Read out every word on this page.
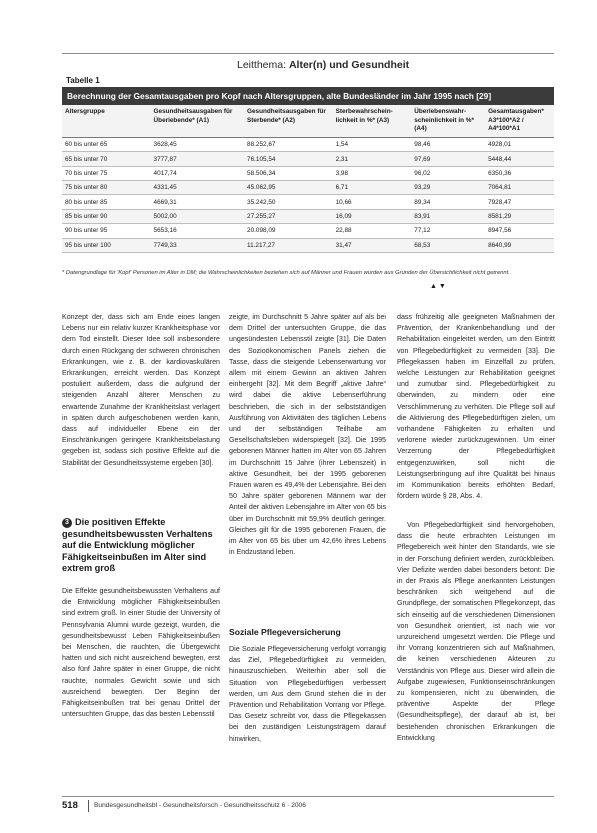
Leitthema: Alter(n) und Gesundheit
Tabelle 1
Berechnung der Gesamtausgaben pro Kopf nach Altersgruppen, alte Bundesländer im Jahr 1995 nach [29]
Altersgruppe	Gesundheitsausgaben für Überlebende* (A1)	Gesundheitsausgaben für Sterbende* (A2)	Sterbewahrschein-lichkeit in %* (A3)	Überlebenswahr-scheinlichkeit in %* (A4)	Gesamtausgaben* A3*100*A2 / A4*100*A1
60 bis unter 65	3628,45	88.252,67	1,54	98,46	4928,01
65 bis unter 70	3777,87	76.105,54	2,31	97,69	5448,44
70 bis unter 75	4017,74	58.506,34	3,98	96,02	6350,36
75 bis unter 80	4331,45	45.062,95	6,71	93,29	7064,81
80 bis unter 85	4669,31	35.242,50	10,66	89,34	7928,47
85 bis unter 90	5002,00	27.255,27	16,09	83,91	8581,29
90 bis unter 95	5653,16	20.098,09	22,88	77,12	8947,56
95 bis unter 100	7749,33	11.217,27	31,47	68,53	8640,99
* Datengrundlage für 'Kopf' Personen im Alter in DM; die Wahrscheinlichkeiten beziehen sich auf Männer und Frauen wurden aus Gründen der Übersichtlichkeit nicht getrennt.
▲ ▼

Konzept der, dass sich am Ende eines langen Lebens nur ein relativ kurzer Krankheitsphase vor dem Tod einstellt. Dieser Idee soll insbesondere durch einen Rückgang der schweren chronischen Erkrankungen, wie z. B. der kardiovaskulären Erkrankungen, erreicht werden. Das Konzept postuliert außerdem, dass die aufgrund der steigenden Anzahl älterer Menschen zu erwartende Zunahme der Krankheitslast verlagert in späten durch aufgeschobenen werden kann, dass auf individueller Ebene ein der Einschränkungen geringere Krankheitsbelastung gegeben ist, sodass sich positive Effekte auf die Stabilität der Gesundheitssysteme ergeben [30].

3 Die positiven Effekte gesundheitsbewussten Verhaltens auf die Entwicklung möglicher Fähigkeitseinbußen im Alter sind extrem groß

Die Effekte gesundheitsbewussten Verhaltens auf die Entwicklung möglicher Fähigkeitseinbußen sind extrem groß. In einer Studie der University of Pennsylvania Alumni wurde gezeigt, wurden, die gesundheitsbewusst Leben Fähigkeitseinbußen bei Menschen, die rauchten, die Übergewicht hatten und sich nicht ausreichend bewegten, erst also fünf Jahre später in einer Gruppe, die nicht rauchte, normales Gewicht sowie und sich ausreichend bewegten. Der Beginn der Fähigkeitseinbußen trat bei genau Drittel der untersuchten Gruppe, das das besten Lebensstil

zeigte, im Durchschnitt 5 Jahre später auf als bei dem Drittel der untersuchten Gruppe, die das ungesündesten Lebensstil zeigte [31]. Die Daten des Sozioökonomischen Panels ziehen die Tasse, dass die steigende Lebenserwartung vor allem mit einem Gewinn an aktiven Jahren einhergeht [32]. Mit dem Begriff „aktive Jahre“ wird dabei die aktive Lebenserführung beschrieben, die sich in der selbstständigen Ausführung von Aktivitäten des täglichen Lebens und der selbständigen Teilhabe am Gesellschaftsleben widerspiegelt [32]. Die 1995 geborenen Männer hatten im Alter von 65 Jahren im Durchschnitt 15 Jahre (ihrer Lebenszeit) in aktive Gesundheit, bei der 1995 geborenen Frauen waren es 49,4% der Lebensjahre. Bei den 50 Jahre später geborenen Männern war der Anteil der aktiven Lebensjahre im Alter von 65 bis über im Durchschnitt mit 59,9% deutlich geringer. Gleiches gilt für die 1995 geborenen Frauen, die im Alter von 65 bis über um 42,6% ihres Lebens in Endzustand leben.

Soziale Pflegeversicherung

Die Soziale Pflegeversicherung verfolgt vorrangig das Ziel, Pflegebedürftigkeit zu vermeiden, hinauszuschieben. Weiterhin aber soll die Situation von Pflegebedürftigen verbessert werden, um Aus dem Grund stehen die in der Prävention und Rehabilitation Vorrang vor Pflege. Das Gesetz schreibt vor, dass die Pflegekassen bei den zuständigen Leistungsträgern darauf hinwirken,

dass frühzeitig alle geeigneten Maßnahmen der Prävention, der Krankenbehandlung und der Rehabilitation eingeleitet werden, um den Eintritt von Pflegebedürftigkeit zu vermeiden [33]. Die Pflegekassen haben im Einzelfall zu prüfen, welche Leistungen zur Rehabilitation geeignet und zumutbar sind. Pflegebedürftigkeit zu überwinden, zu mindern oder eine Verschlimmerung zu verhüten. Die Pflege soll auf die Aktivierung des Pflegebedürftigen zielen, um vorhandene Fähigkeiten zu erhalten und verlorene wieder zurückzugewinnen. Um einer Verzerrung der Pflegebedürftigkeit entgegenzuwirken, soll nicht die Leistungserbringung auf ihre Qualität bei hinaus im Kommunikation bereits erhöhten Bedarf, fördern würde § 28, Abs. 4.

Von Pflegebedürftigkeit sind hervorgehoben, dass die heute erbrachten Leistungen im Pflegebereich weit hinter den Standards, wie sie in der Forschung definiert werden, zurückbleiben. Vier Defizite werden dabei besonders betont: Die in der Praxis als Pflege anerkannten Leistungen beschränken sich weitgehend auf die Grundpflege, der somatischen Pflegekonzept, das sich einseitig auf die verschiedenen Dimensionen von Gesundheit orientiert, ist nach wie vor unzureichend umgesetzt werden. Die Pflege und ihr Vorrang konzentrieren sich auf Maßnahmen, die keinen verschiedenen Akteuren zu Verständnis von Pflege aus. Dieser wird allein die Aufgabe zugewiesen, Funktionseinschränkungen zu kompensieren, nicht zu überwinden, die präventive Aspekte der Pflege (Gesundheitspflege), der darauf ab ist, bei bestehenden chronischen Erkrankungen die Entwicklung

518 Bundesgesundheitsbl - Gesundheitsforsch - Gesundheitsschutz 6 · 2006
